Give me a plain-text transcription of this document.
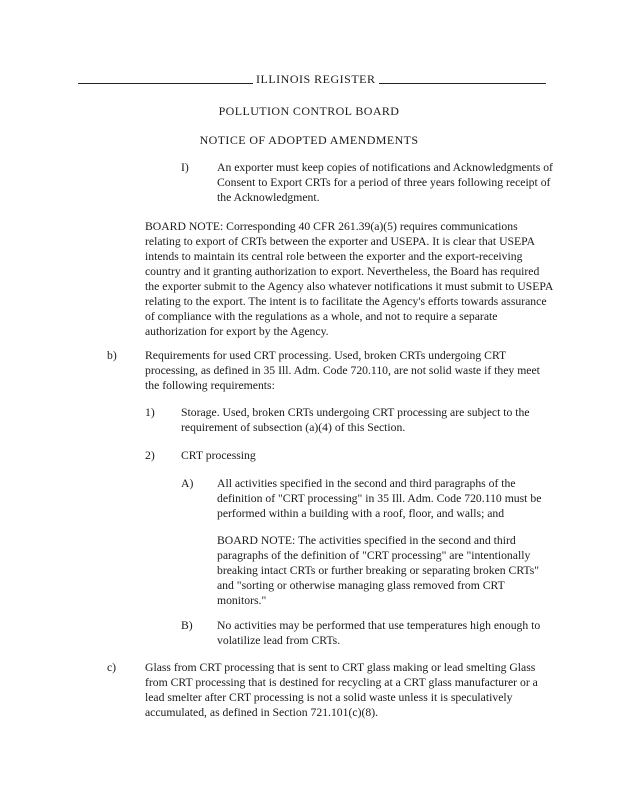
ILLINOIS REGISTER
POLLUTION CONTROL BOARD
NOTICE OF ADOPTED AMENDMENTS
I) An exporter must keep copies of notifications and Acknowledgments of Consent to Export CRTs for a period of three years following receipt of the Acknowledgment.

BOARD NOTE: Corresponding 40 CFR 261.39(a)(5) requires communications relating to export of CRTs between the exporter and USEPA. It is clear that USEPA intends to maintain its central role between the exporter and the export-receiving country and it granting authorization to export. Nevertheless, the Board has required the exporter submit to the Agency also whatever notifications it must submit to USEPA relating to the export. The intent is to facilitate the Agency's efforts towards assurance of compliance with the regulations as a whole, and not to require a separate authorization for export by the Agency.

b) Requirements for used CRT processing. Used, broken CRTs undergoing CRT processing, as defined in 35 Ill. Adm. Code 720.110, are not solid waste if they meet the following requirements:

1) Storage. Used, broken CRTs undergoing CRT processing are subject to the requirement of subsection (a)(4) of this Section.

2) CRT processing

A) All activities specified in the second and third paragraphs of the definition of "CRT processing" in 35 Ill. Adm. Code 720.110 must be performed within a building with a roof, floor, and walls; and

BOARD NOTE: The activities specified in the second and third paragraphs of the definition of "CRT processing" are "intentionally breaking intact CRTs or further breaking or separating broken CRTs" and "sorting or otherwise managing glass removed from CRT monitors."

B) No activities may be performed that use temperatures high enough to volatilize lead from CRTs.

c) Glass from CRT processing that is sent to CRT glass making or lead smelting Glass from CRT processing that is destined for recycling at a CRT glass manufacturer or a lead smelter after CRT processing is not a solid waste unless it is speculatively accumulated, as defined in Section 721.101(c)(8).
